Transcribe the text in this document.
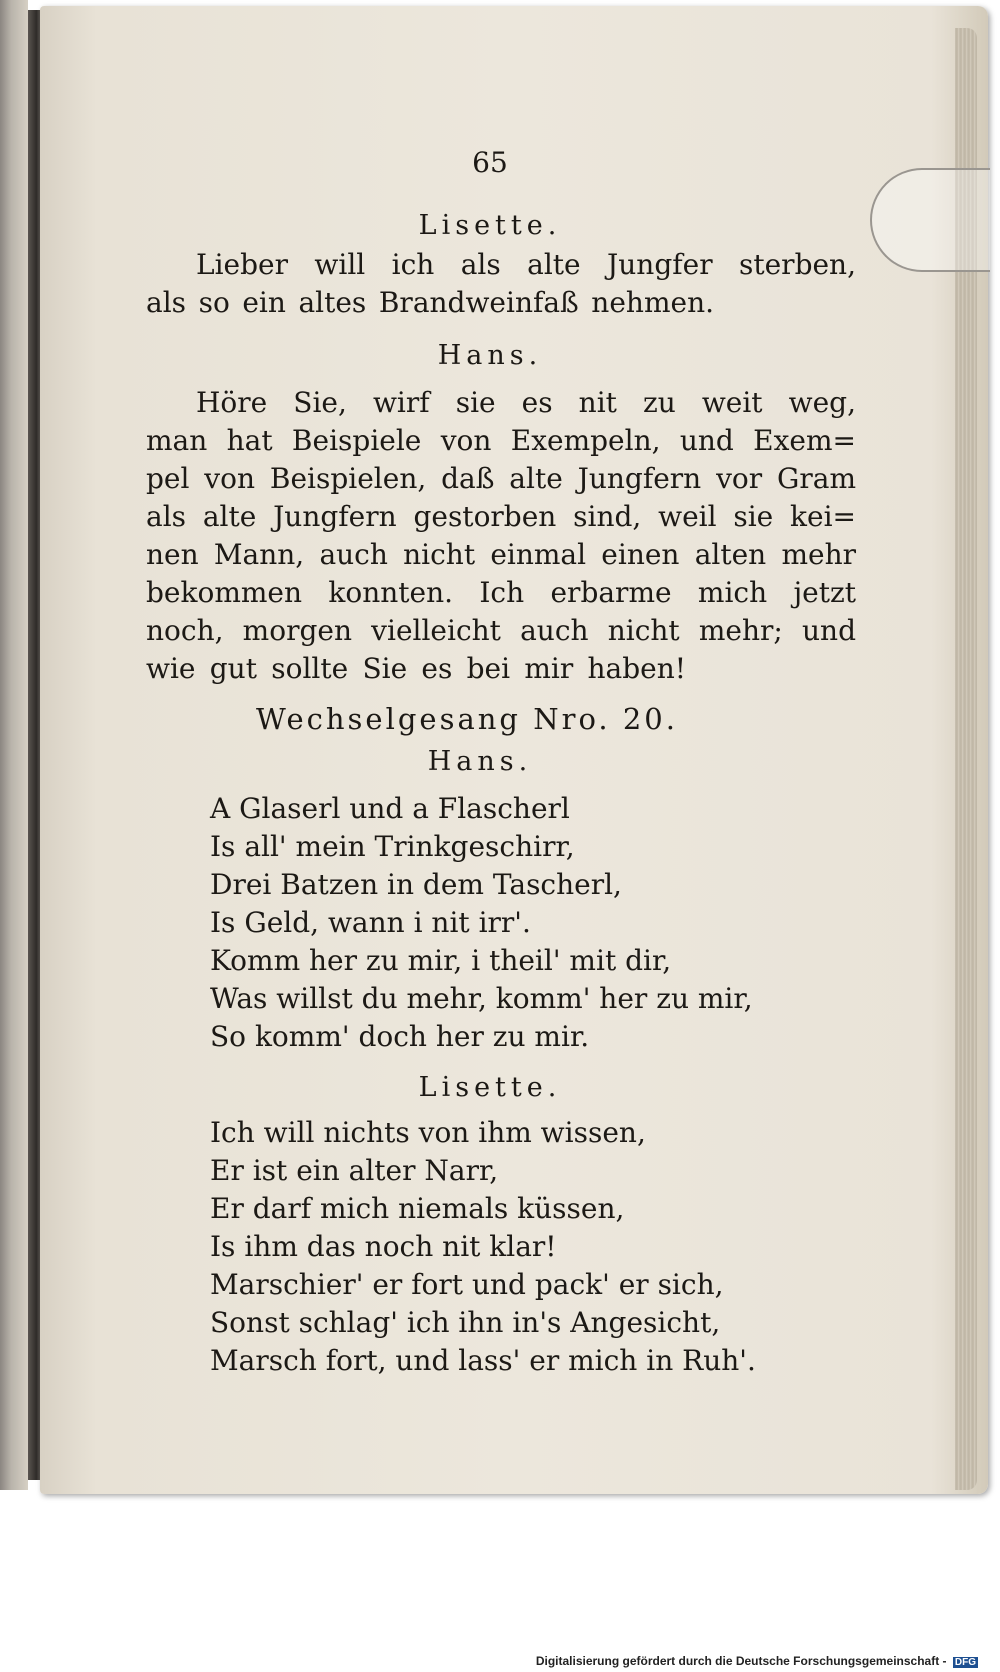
65
Lisette.
Lieber will ich als alte Jungfer sterben,
als so ein altes Brandweinfaß nehmen.
Hans.
Höre Sie, wirf sie es nit zu weit weg,
man hat Beispiele von Exempeln, und Exem=
pel von Beispielen, daß alte Jungfern vor Gram
als alte Jungfern gestorben sind, weil sie kei=
nen Mann, auch nicht einmal einen alten mehr
bekommen konnten. Ich erbarme mich jetzt
noch, morgen vielleicht auch nicht mehr; und
wie gut sollte Sie es bei mir haben!
Wechselgesang Nro. 20.
Hans.
A Glaserl und a Flascherl
Is all' mein Trinkgeschirr,
Drei Batzen in dem Tascherl,
Is Geld, wann i nit irr'.
Komm her zu mir, i theil' mit dir,
Was willst du mehr, komm' her zu mir,
So komm' doch her zu mir.
Lisette.
Ich will nichts von ihm wissen,
Er ist ein alter Narr,
Er darf mich niemals küssen,
Is ihm das noch nit klar!
Marschier' er fort und pack' er sich,
Sonst schlag' ich ihn in's Angesicht,
Marsch fort, und lass' er mich in Ruh'.
Digitalisierung gefördert durch die Deutsche Forschungsgemeinschaft - DFG
